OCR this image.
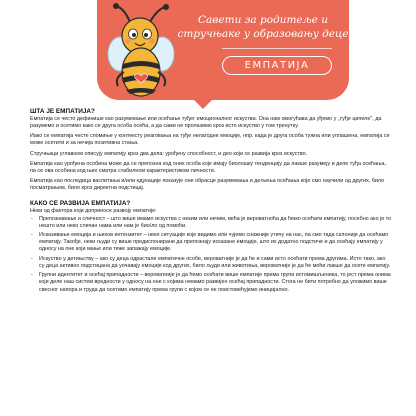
Савети за родитеље и
стручњаке у образовању деце
ЕМПАТИЈА
ШТА ЈЕ ЕМПАТИЈА?

Емпатија се често дефинише као разумевање или осећање туђег емоционалног искуства. Она нам омогућава да уђемо у „туђе ципеле", да разумемо и осетимо како се друга особа осећа, а да сами не пролазимо кроз исто искуство у том тренутку.

Иако се емпатија честе спомиње у контексту реаговања на туђе нелагодне емоције, нпр. када је друга особа тужна или уплашена, емпатија се може осетити и за нечија позитивна стања.

Стручњаци углавном описују емпатију кроз два дела: урођену способност, и део који се развија кроз искуство.

Емпатија као урођена особина може да се препозна код оних особа које имају биолошку тенденцију да лакше разумеју и деле туђа осећања, па се ова особина код њих сматра стабилном карактеристиком личности.

Емпатија као последица васпитања и/или едукације показује оне обрасце разумевања и дељења осећања које смо научили од других, било посматрањем, било кроз директни подстицај.

КАКО СЕ РАЗВИЈА ЕМПАТИЈА?

Неки од фактора који доприносе развоју емпатије:

- Препознавање и сличност – што више имамо искуства с неким или нечим, већа је вероватноћа да ћемо осећати емпатију, посебно ако је то нешто или неко сличан нама или нам је био/ло од помоћи.
- Исказивање емоција и њихов интензитет – неке ситуације које видимо или чујемо снажније утичу на нас, па смо тада склонији да осећамо емпатију. Такође, неки људи су више предиспонирани да препознају исказане емоције, што их додатно подстиче и да осећају емпатију у односу на оне који мање или теже запажају емоције.
- Искуство у детињству – ако су деца одрастале емпатичне особе, вероватније је да ће и сами исто осећати према другима. Исто тако, ако су деца активно подстицана да уочавају емоције код других, било људи или животиња, вероватније је да ће моћи лакше да осете емпатију.
- Групни идентитет и осећај припадности – вероватније је да ћемо осећати више емпатије према групи истомишљеника, то јест према онима који деле наш систем вредности у односу на оне с којима немамо развијен осећај припадности. Стога не бити потребно да уложимо више свесног напора и труда да осетимо емпатију према групи с којом се не поистовећујемо иницијално.
